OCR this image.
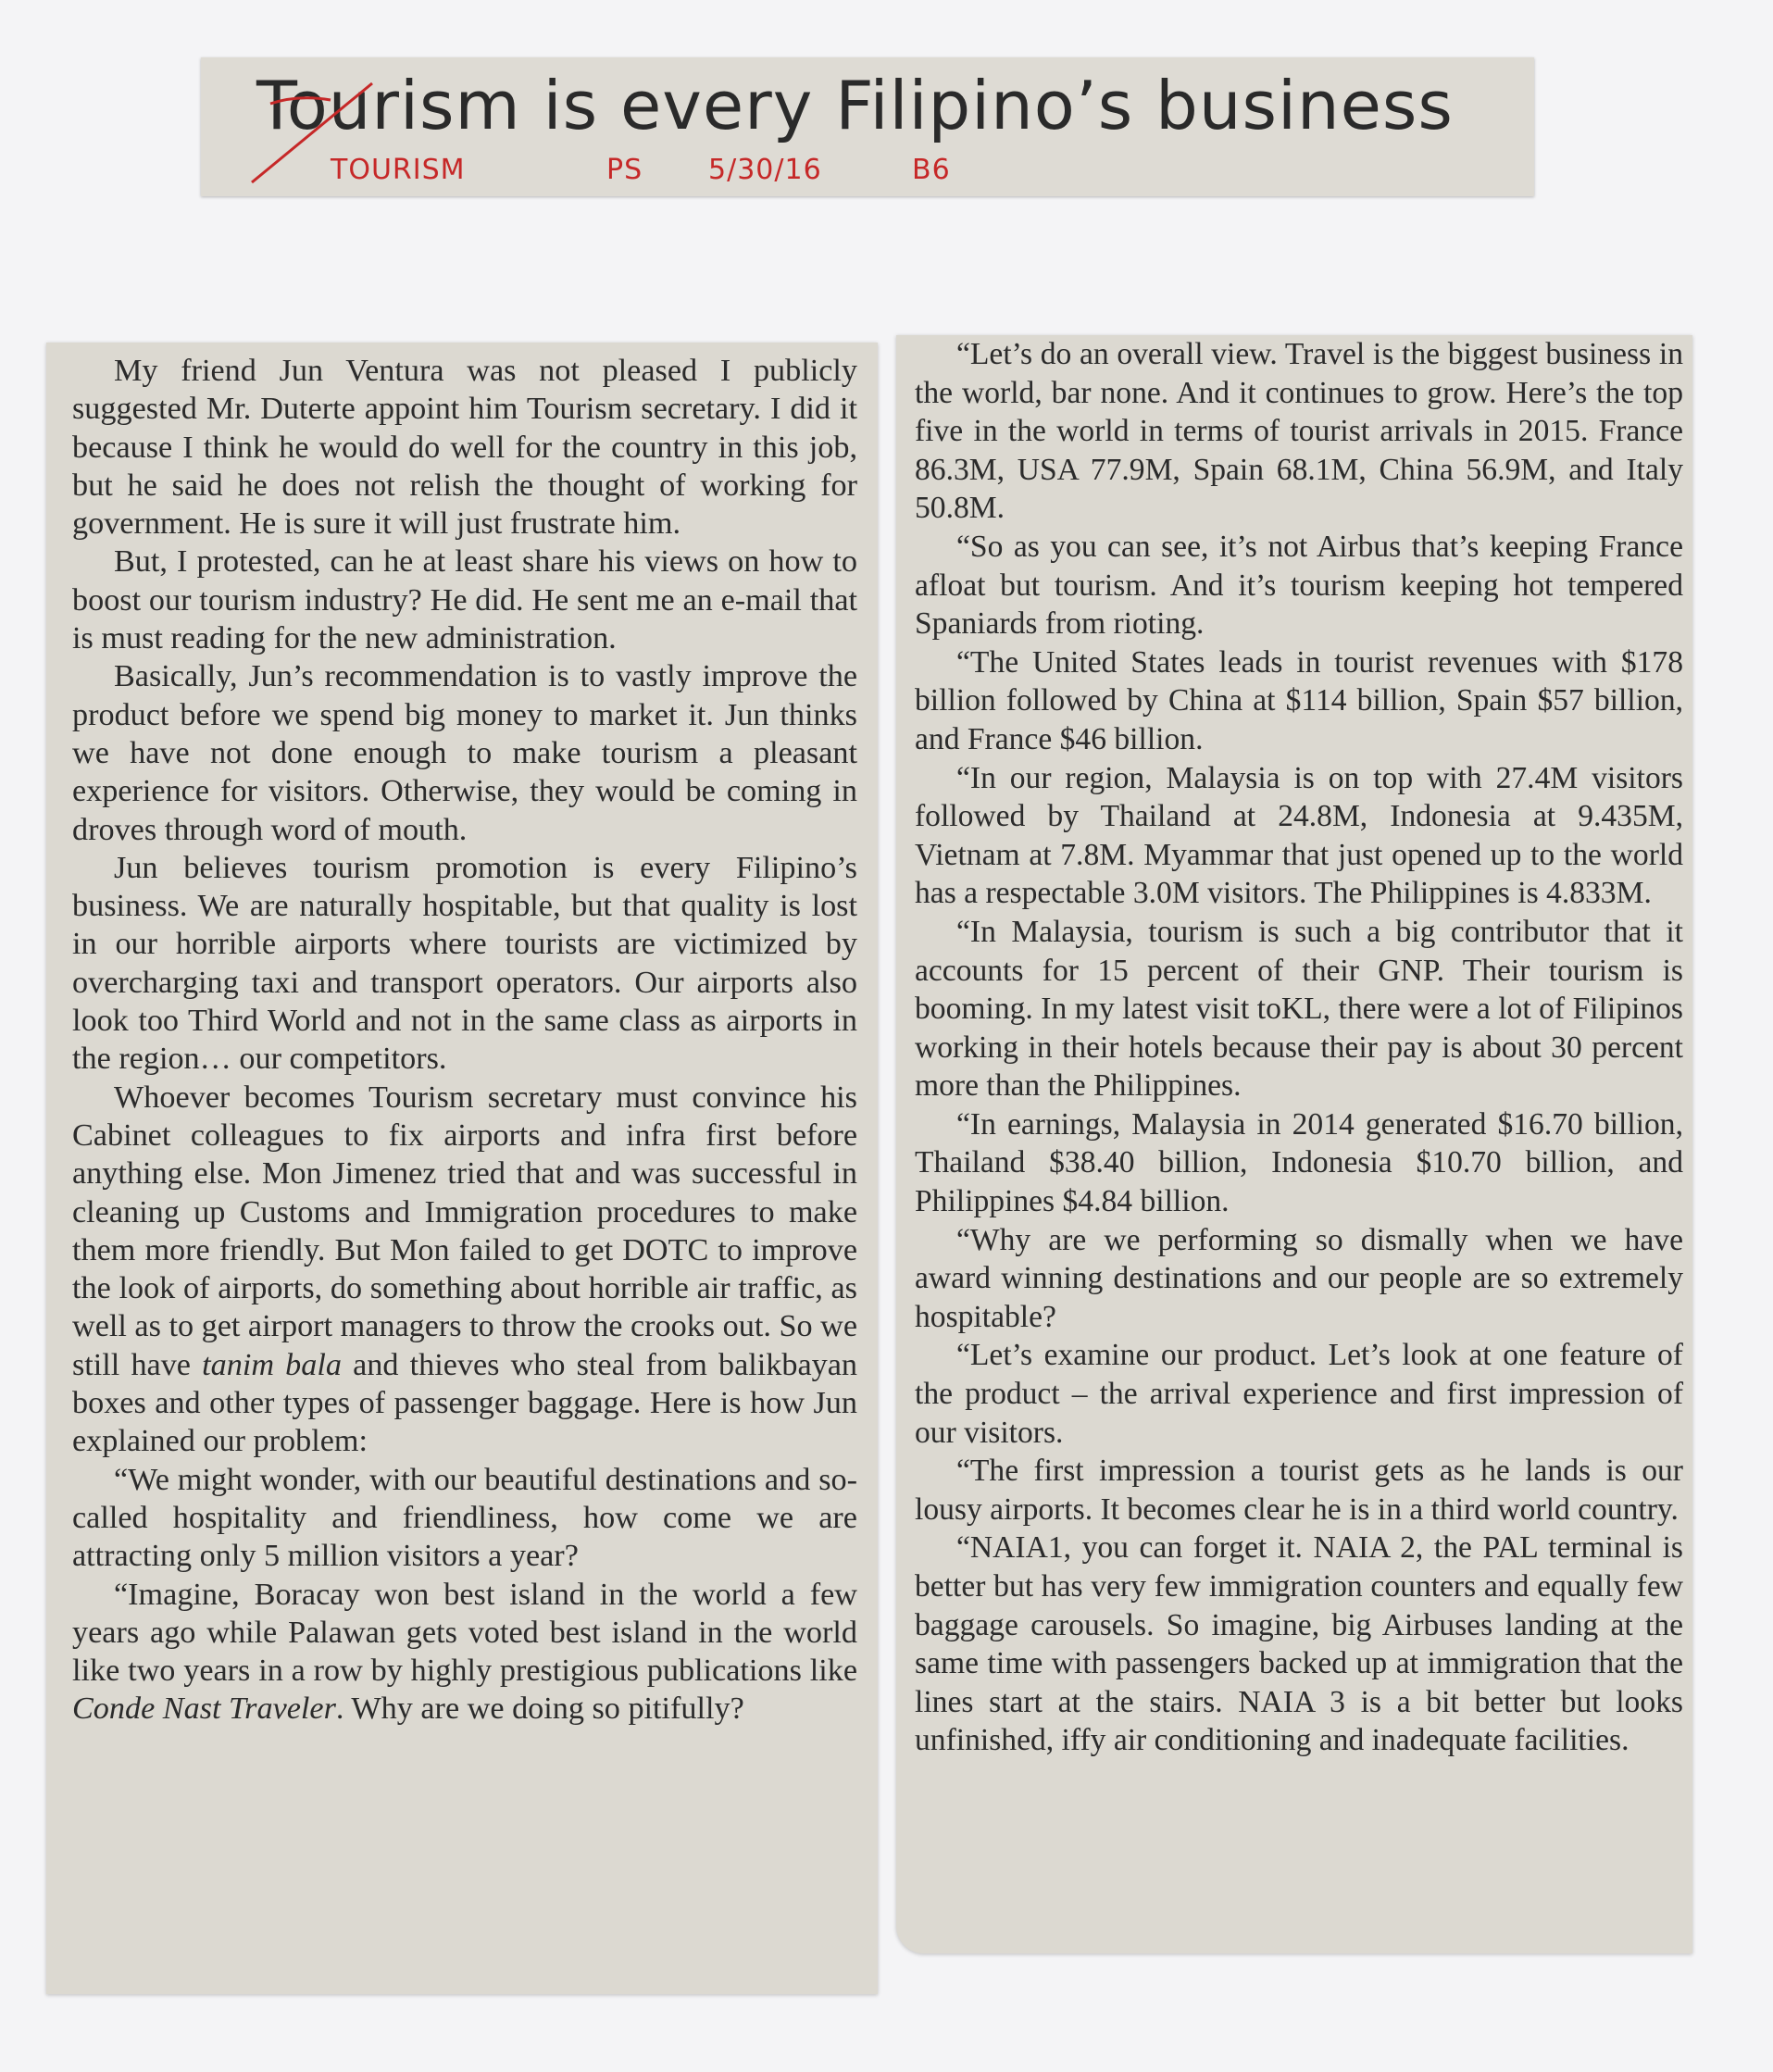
Tourism is every Filipino’s business
TOURISM	PS 5/30/16	B6

My friend Jun Ventura was not pleased I publicly suggested Mr. Duterte appoint him Tourism secretary. I did it because I think he would do well for the country in this job, but he said he does not relish the thought of working for government. He is sure it will just frustrate him.

But, I protested, can he at least share his views on how to boost our tourism industry? He did. He sent me an e-mail that is must reading for the new administration.

Basically, Jun’s recommendation is to vastly improve the product before we spend big money to market it. Jun thinks we have not done enough to make tourism a pleasant experience for visitors. Otherwise, they would be coming in droves through word of mouth.

Jun believes tourism promotion is every Filipino’s business. We are naturally hospitable, but that quality is lost in our horrible airports where tourists are victimized by overcharging taxi and transport operators. Our airports also look too Third World and not in the same class as airports in the region… our competitors.

Whoever becomes Tourism secretary must convince his Cabinet colleagues to fix airports and infra first before anything else. Mon Jimenez tried that and was successful in cleaning up Customs and Immigration procedures to make them more friendly. But Mon failed to get DOTC to improve the look of airports, do something about horrible air traffic, as well as to get airport managers to throw the crooks out. So we still have tanim bala and thieves who steal from balikbayan boxes and other types of passenger baggage. Here is how Jun explained our problem:

“We might wonder, with our beautiful destinations and so-called hospitality and friendliness, how come we are attracting only 5 million visitors a year?

“Imagine, Boracay won best island in the world a few years ago while Palawan gets voted best island in the world like two years in a row by highly prestigious publications like Conde Nast Traveler. Why are we doing so pitifully?

“Let’s do an overall view. Travel is the biggest business in the world, bar none. And it continues to grow. Here’s the top five in the world in terms of tourist arrivals in 2015. France 86.3M, USA 77.9M, Spain 68.1M, China 56.9M, and Italy 50.8M.

“So as you can see, it’s not Airbus that’s keeping France afloat but tourism. And it’s tourism keeping hot tempered Spaniards from rioting.

“The United States leads in tourist revenues with $178 billion followed by China at $114 billion, Spain $57 billion, and France $46 billion.

“In our region, Malaysia is on top with 27.4M visitors followed by Thailand at 24.8M, Indonesia at 9.435M, Vietnam at 7.8M. Myammar that just opened up to the world has a respectable 3.0M visitors. The Philippines is 4.833M.

“In Malaysia, tourism is such a big contributor that it accounts for 15 percent of their GNP. Their tourism is booming. In my latest visit toKL, there were a lot of Filipinos working in their hotels because their pay is about 30 percent more than the Philippines.

“In earnings, Malaysia in 2014 generated $16.70 billion, Thailand $38.40 billion, Indonesia $10.70 billion, and Philippines $4.84 billion.

“Why are we performing so dismally when we have award winning destinations and our people are so extremely hospitable?

“Let’s examine our product. Let’s look at one feature of the product – the arrival experience and first impression of our visitors.

“The first impression a tourist gets as he lands is our lousy airports. It becomes clear he is in a third world country.

“NAIA1, you can forget it. NAIA 2, the PAL terminal is better but has very few immigration counters and equally few baggage carousels. So imagine, big Airbuses landing at the same time with passengers backed up at immigration that the lines start at the stairs. NAIA 3 is a bit better but looks unfinished, iffy air conditioning and inadequate facilities.
